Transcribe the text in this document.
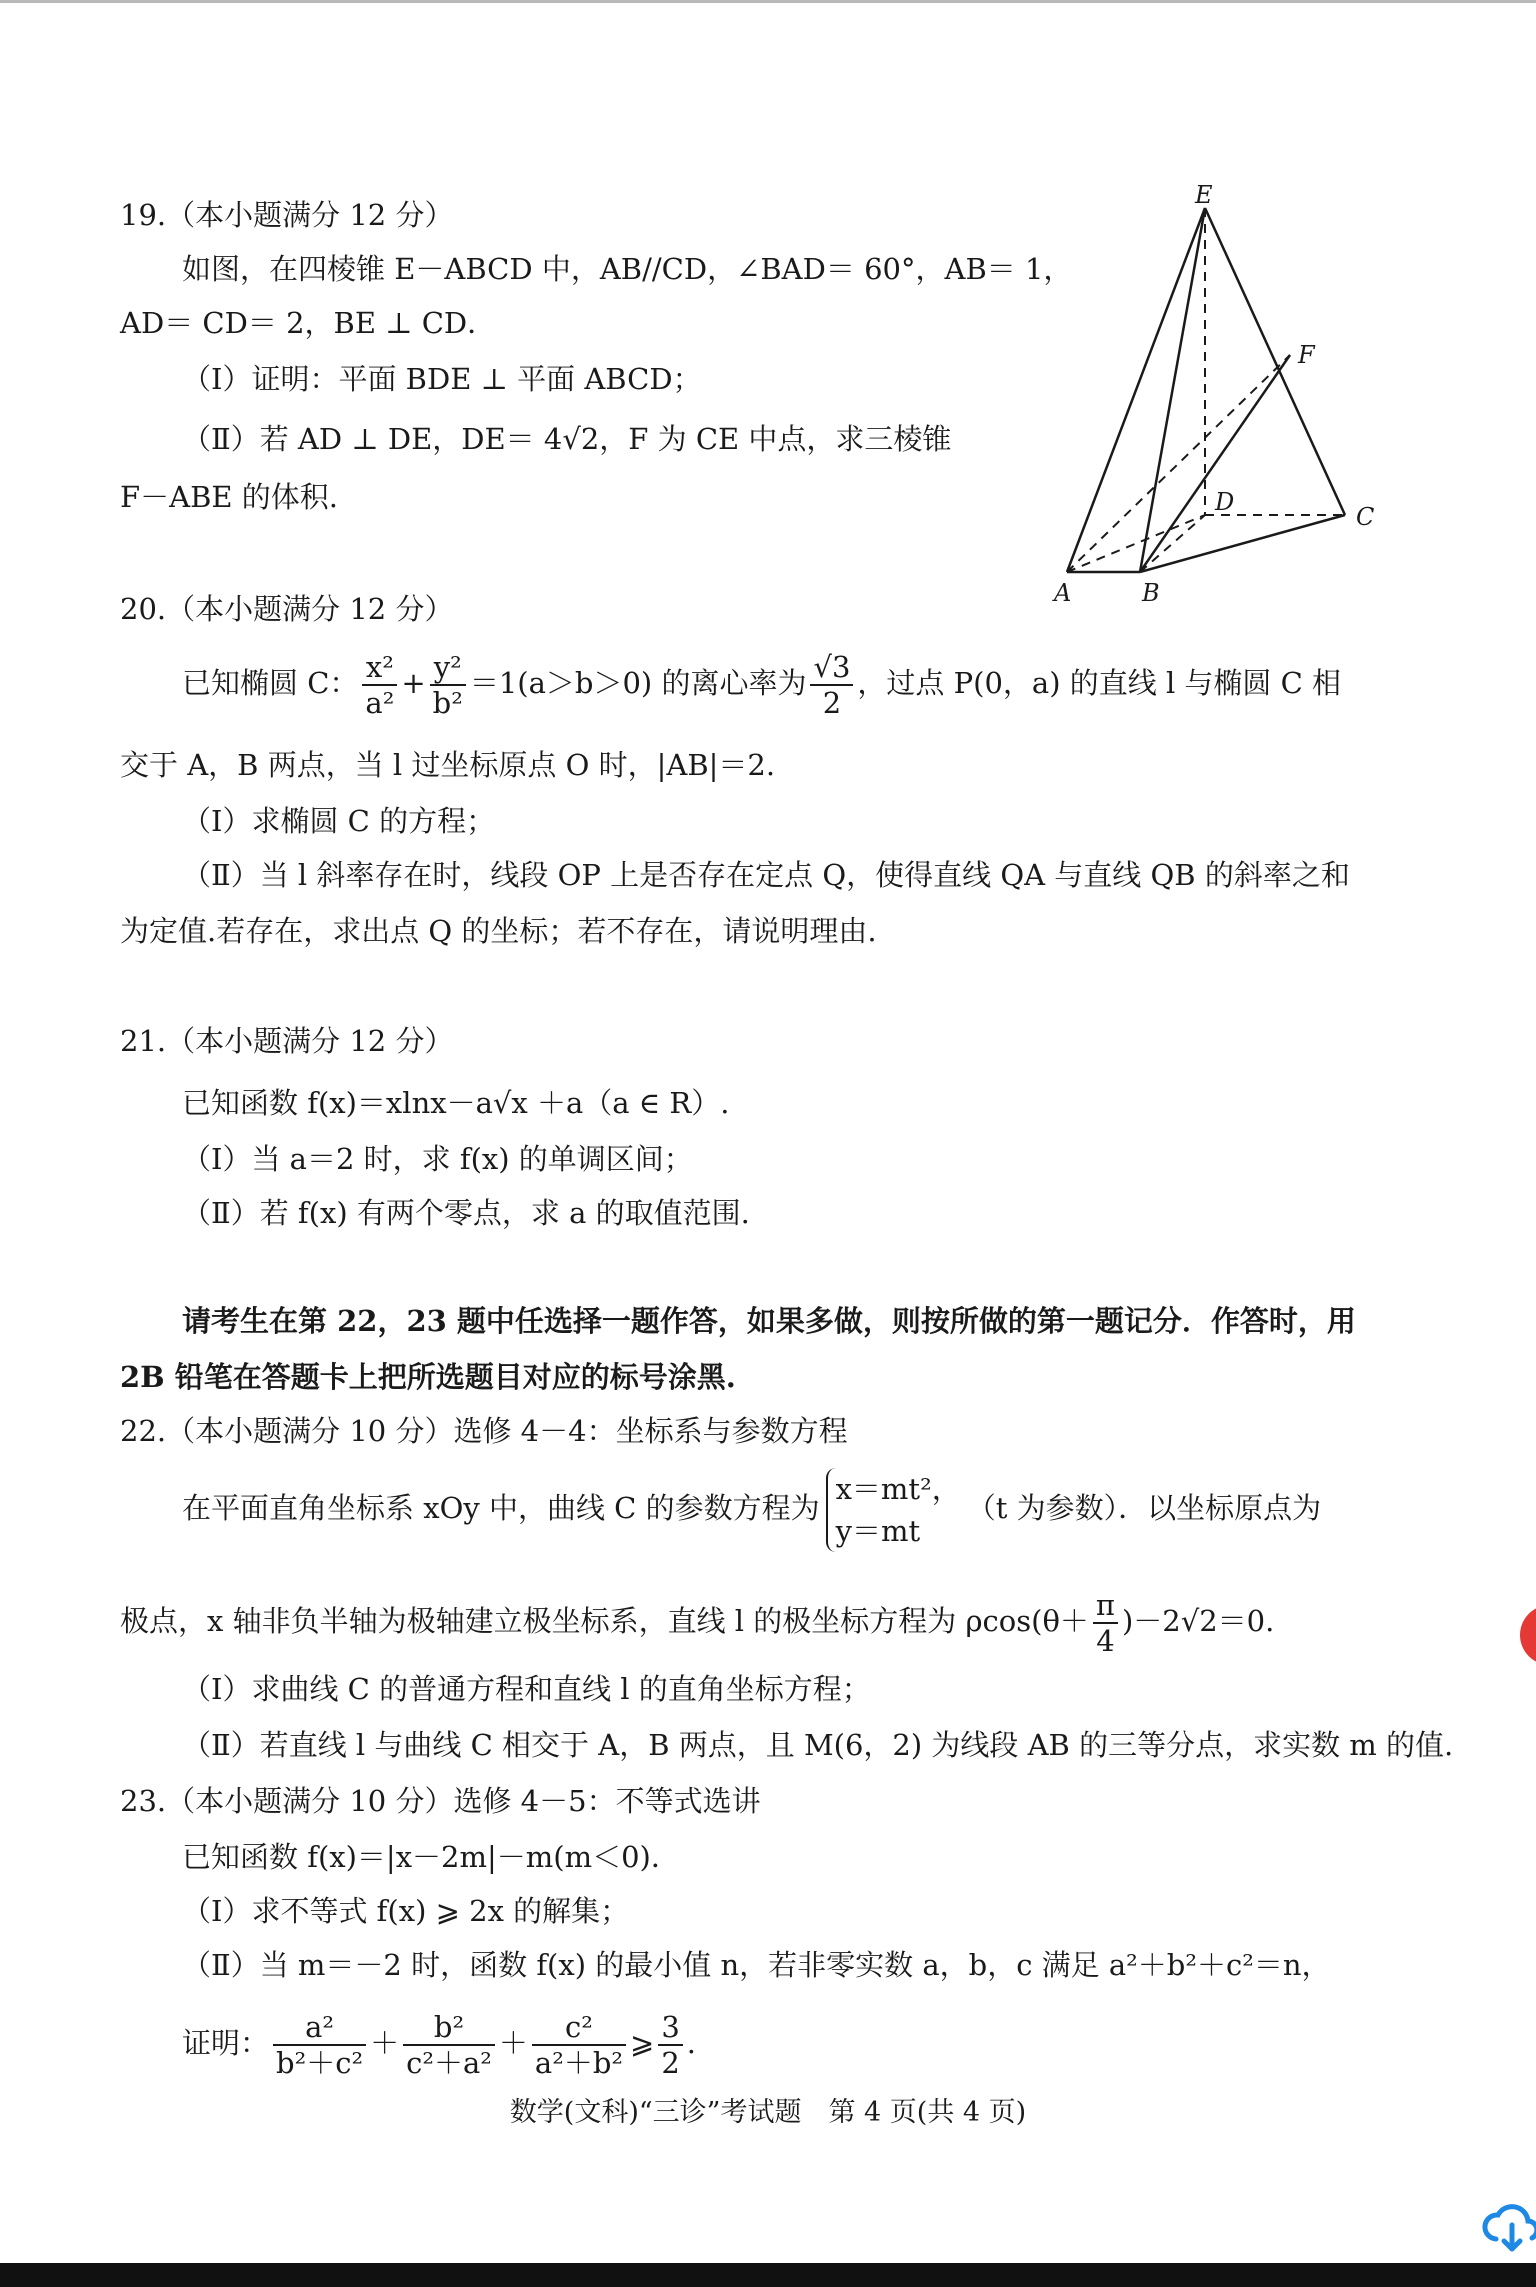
19.（本小题满分 12 分）
如图，在四棱锥 E－ABCD 中，AB//CD，∠BAD＝ 60°，AB＝ 1，
AD＝ CD＝ 2，BE ⊥ CD．
（Ⅰ）证明：平面 BDE ⊥ 平面 ABCD；
（Ⅱ）若 AD ⊥ DE，DE＝ 4√2，F 为 CE 中点，求三棱锥
F－ABE 的体积.
E
F
D
C
A	B
20.（本小题满分 12 分）
已知椭圆 C： $\frac{\text{x²}}{\text{a²}} + \frac{\text{y²}}{\text{b²}} =1(a>b>0)$ 的离心率为 $\frac{√3}{2}$ ，过点 P(0，a) 的直线 l 与椭圆 C 相
交于 A，B 两点，当 l 过坐标原点 O 时，|AB|＝2.
（Ⅰ）求椭圆 C 的方程；
（Ⅱ）当 l 斜率存在时，线段 OP 上是否存在定点 Q，使得直线 QA 与直线 QB 的斜率之和
为定值.若存在，求出点 Q 的坐标；若不存在，请说明理由.
21.（本小题满分 12 分）
已知函数 f(x)＝xlnx－a√x ＋a（a ∈ R）.
（Ⅰ）当 a＝2 时，求 f(x) 的单调区间；
（Ⅱ）若 f(x) 有两个零点，求 a 的取值范围.
请考生在第 22，23 题中任选择一题作答，如果多做，则按所做的第一题记分．作答时，用
2B 铅笔在答题卡上把所选题目对应的标号涂黑.
22.（本小题满分 10 分）选修 4－4：坐标系与参数方程
在平面直角坐标系 xOy 中，曲线 C 的参数方程为
x＝mt²，
y＝mt
（t 为参数）．以坐标原点为
极点，x 轴非负半轴为极轴建立极坐标系，直线 l 的极坐标方程为 $\rho\cos(\theta+ \frac{\pi}{4} )-2√2=0$.
（Ⅰ）求曲线 C 的普通方程和直线 l 的直角坐标方程；
（Ⅱ）若直线 l 与曲线 C 相交于 A，B 两点，且 M(6，2) 为线段 AB 的三等分点，求实数 m 的值.
23.（本小题满分 10 分）选修 4－5：不等式选讲
已知函数 f(x)＝|x－2m|－m(m＜0)．
（Ⅰ）求不等式 f(x) ⩾ 2x 的解集；
（Ⅱ）当 m＝－2 时，函数 f(x) 的最小值 n，若非零实数 a，b，c 满足 a²＋b²＋c²＝n，
证明： $\frac{\text{a²}}{\text{b²＋c²}} + \frac{\text{b²}}{\text{c²＋a²}} + \frac{\text{c²}}{\text{a²＋b²}}$ ⩾ $\frac{3}{2}$ .
数学(文科)“三诊”考试题　第 4 页(共 4 页)
